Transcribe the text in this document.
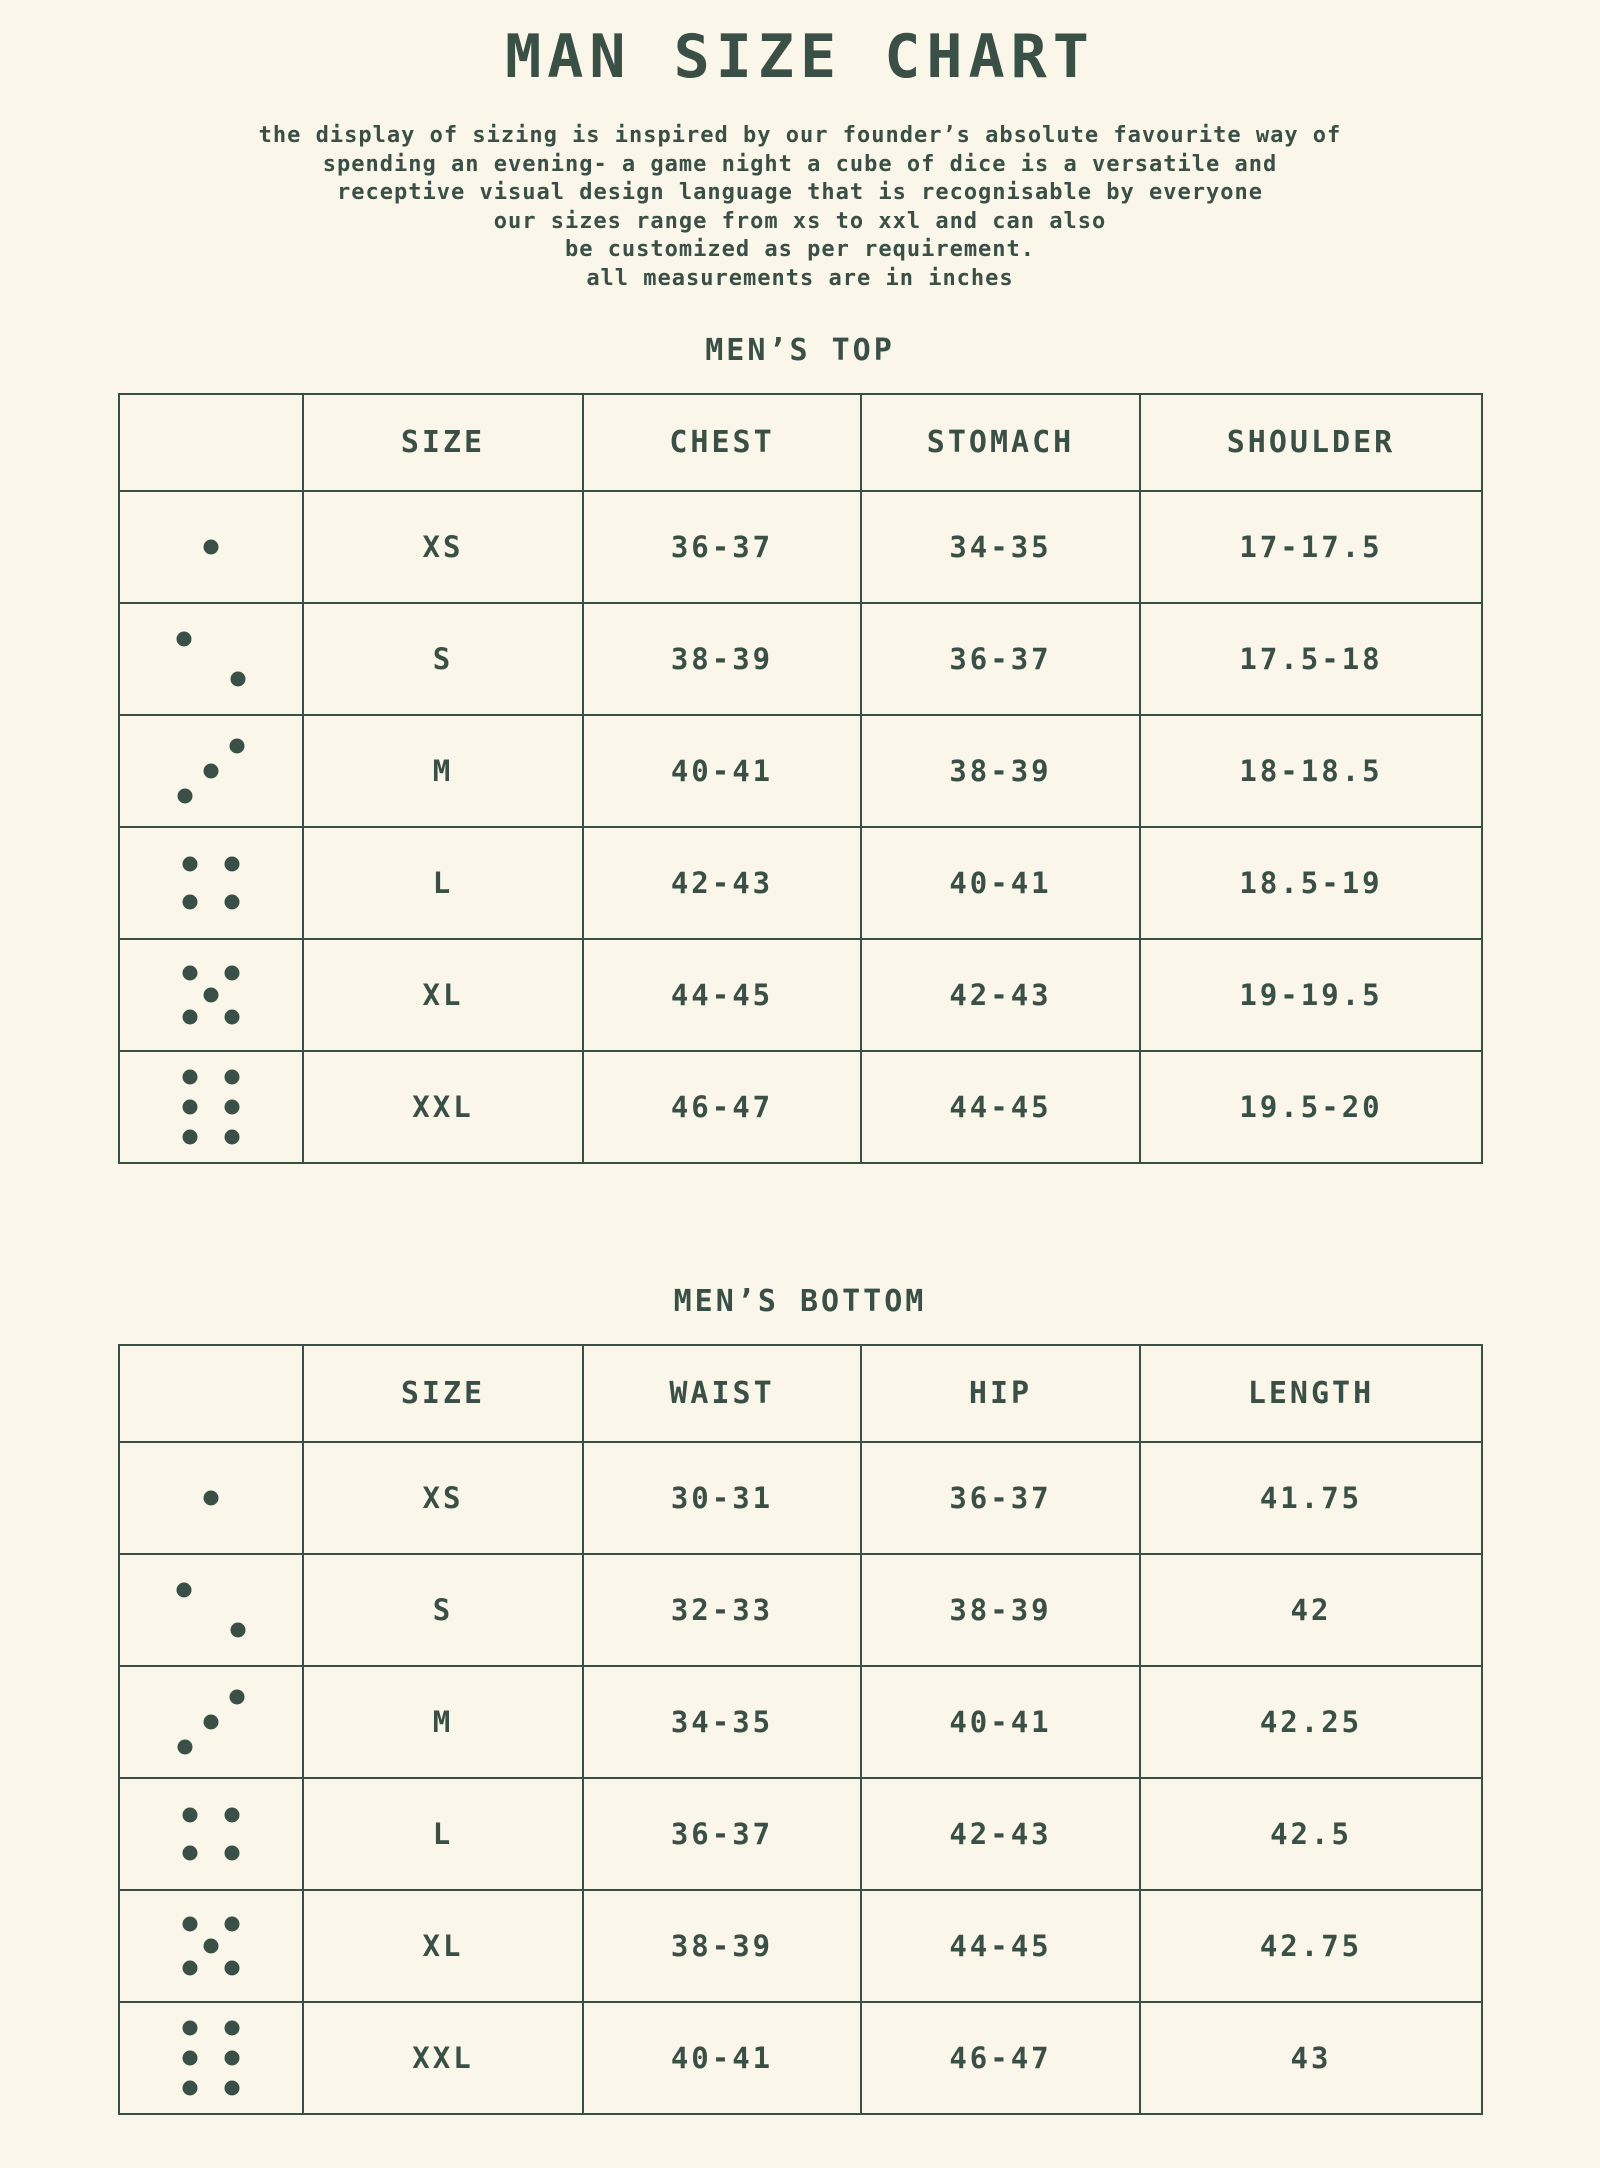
MAN SIZE CHART
the display of sizing is inspired by our founder’s absolute favourite way of
spending an evening- a game night a cube of dice is a versatile and
receptive visual design language that is recognisable by everyone
our sizes range from xs to xxl and can also
be customized as per requirement.
all measurements are in inches
MEN’S TOP
	SIZE	CHEST	STOMACH	SHOULDER

	XS	36-37	34-35	17-17.5

	S	38-39	36-37	17.5-18

	M	40-41	38-39	18-18.5

	L	42-43	40-41	18.5-19

	XL	44-45	42-43	19-19.5

	XXL	46-47	44-45	19.5-20
MEN’S BOTTOM
	SIZE	WAIST	HIP	LENGTH

	XS	30-31	36-37	41.75

	S	32-33	38-39	42

	M	34-35	40-41	42.25

	L	36-37	42-43	42.5

	XL	38-39	44-45	42.75

	XXL	40-41	46-47	43
